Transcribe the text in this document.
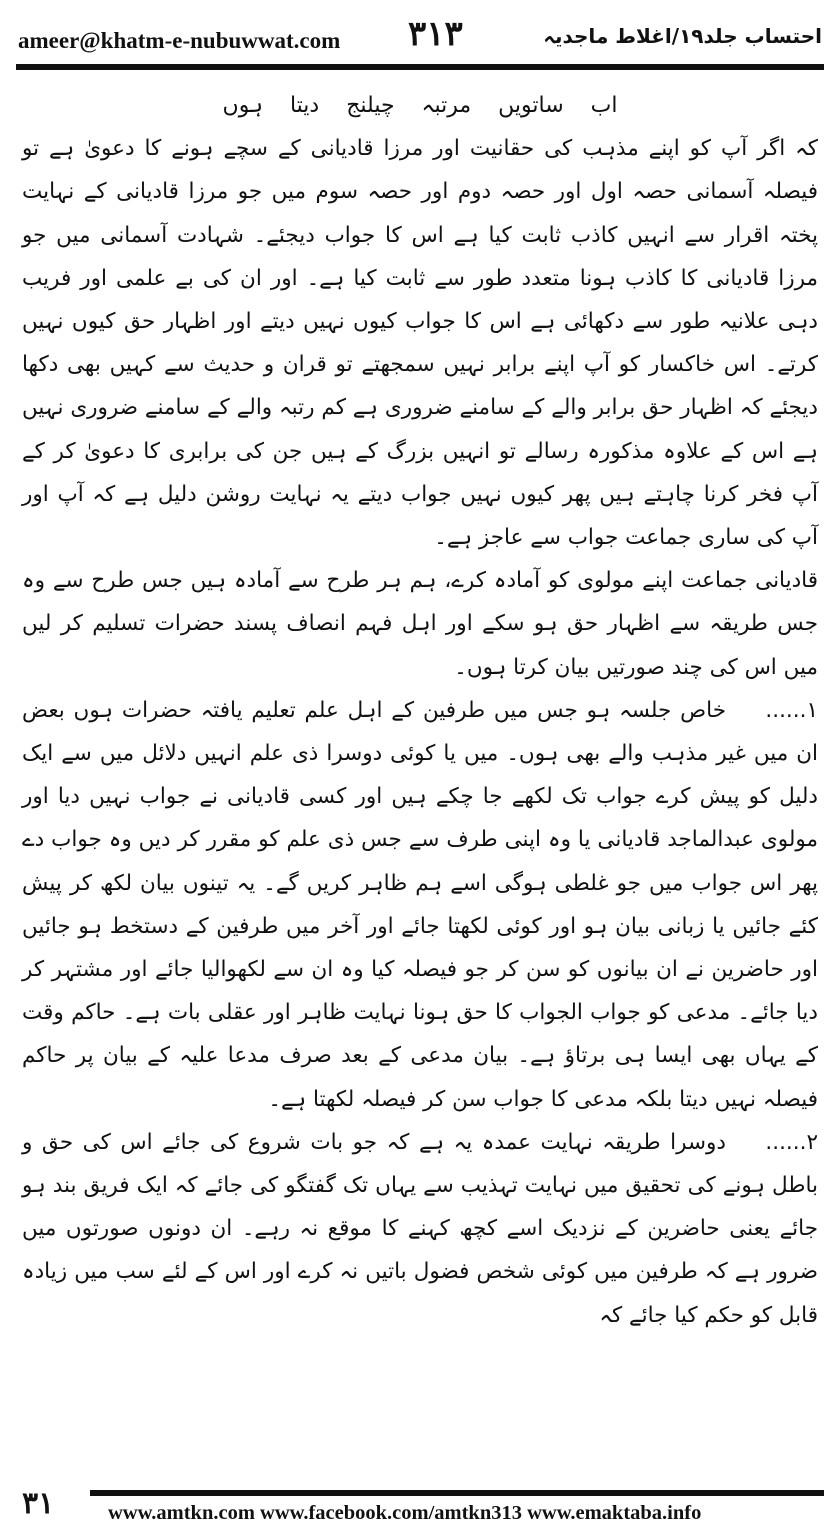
ameer@khatm-e-nubuwwat.com ۳۱۳	احتساب جلد۱۹/اغلاط ماجدیہ

اب ساتویں مرتبہ چیلنج دیتا ہوں

کہ اگر آپ کو اپنے مذہب کی حقانیت اور مرزا قادیانی کے سچے ہونے کا دعویٰ ہے تو فیصلہ آسمانی حصہ اول اور حصہ دوم اور حصہ سوم میں جو مرزا قادیانی کے نہایت پختہ اقرار سے انہیں کاذب ثابت کیا ہے اس کا جواب دیجئے۔ شہادت آسمانی میں جو مرزا قادیانی کا کاذب ہونا متعدد طور سے ثابت کیا ہے۔ اور ان کی بے علمی اور فریب دہی علانیہ طور سے دکھائی ہے اس کا جواب کیوں نہیں دیتے اور اظہار حق کیوں نہیں کرتے۔ اس خاکسار کو آپ اپنے برابر نہیں سمجھتے تو قران و حدیث سے کہیں بھی دکھا دیجئے کہ اظہار حق برابر والے کے سامنے ضروری ہے کم رتبہ والے کے سامنے ضروری نہیں ہے اس کے علاوہ مذکورہ رسالے تو انہیں بزرگ کے ہیں جن کی برابری کا دعویٰ کر کے آپ فخر کرنا چاہتے ہیں پھر کیوں نہیں جواب دیتے یہ نہایت روشن دلیل ہے کہ آپ اور آپ کی ساری جماعت جواب سے عاجز ہے۔

قادیانی جماعت اپنے مولوی کو آمادہ کرے، ہم ہر طرح سے آمادہ ہیں جس طرح سے وہ جس طریقہ سے اظہار حق ہو سکے اور اہل فہم انصاف پسند حضرات تسلیم کر لیں میں اس کی چند صورتیں بیان کرتا ہوں۔

۱......خاص جلسہ ہو جس میں طرفین کے اہل علم تعلیم یافتہ حضرات ہوں بعض ان میں غیر مذہب والے بھی ہوں۔ میں یا کوئی دوسرا ذی علم انہیں دلائل میں سے ایک دلیل کو پیش کرے جواب تک لکھے جا چکے ہیں اور کسی قادیانی نے جواب نہیں دیا اور مولوی عبدالماجد قادیانی یا وہ اپنی طرف سے جس ذی علم کو مقرر کر دیں وہ جواب دے پھر اس جواب میں جو غلطی ہوگی اسے ہم ظاہر کریں گے۔ یہ تینوں بیان لکھ کر پیش کئے جائیں یا زبانی بیان ہو اور کوئی لکھتا جائے اور آخر میں طرفین کے دستخط ہو جائیں اور حاضرین نے ان بیانوں کو سن کر جو فیصلہ کیا وہ ان سے لکھوالیا جائے اور مشتہر کر دیا جائے۔ مدعی کو جواب الجواب کا حق ہونا نہایت ظاہر اور عقلی بات ہے۔ حاکم وقت کے یہاں بھی ایسا ہی برتاؤ ہے۔ بیان مدعی کے بعد صرف مدعا علیہ کے بیان پر حاکم فیصلہ نہیں دیتا بلکہ مدعی کا جواب سن کر فیصلہ لکھتا ہے۔

۲......دوسرا طریقہ نہایت عمدہ یہ ہے کہ جو بات شروع کی جائے اس کی حق و باطل ہونے کی تحقیق میں نہایت تہذیب سے یہاں تک گفتگو کی جائے کہ ایک فریق بند ہو جائے یعنی حاضرین کے نزدیک اسے کچھ کہنے کا موقع نہ رہے۔ ان دونوں صورتوں میں ضرور ہے کہ طرفین میں کوئی شخص فضول باتیں نہ کرے اور اس کے لئے سب میں زیادہ قابل کو حکم کیا جائے کہ

۳۱	www.amtkn.com www.facebook.com/amtkn313 www.emaktaba.info
